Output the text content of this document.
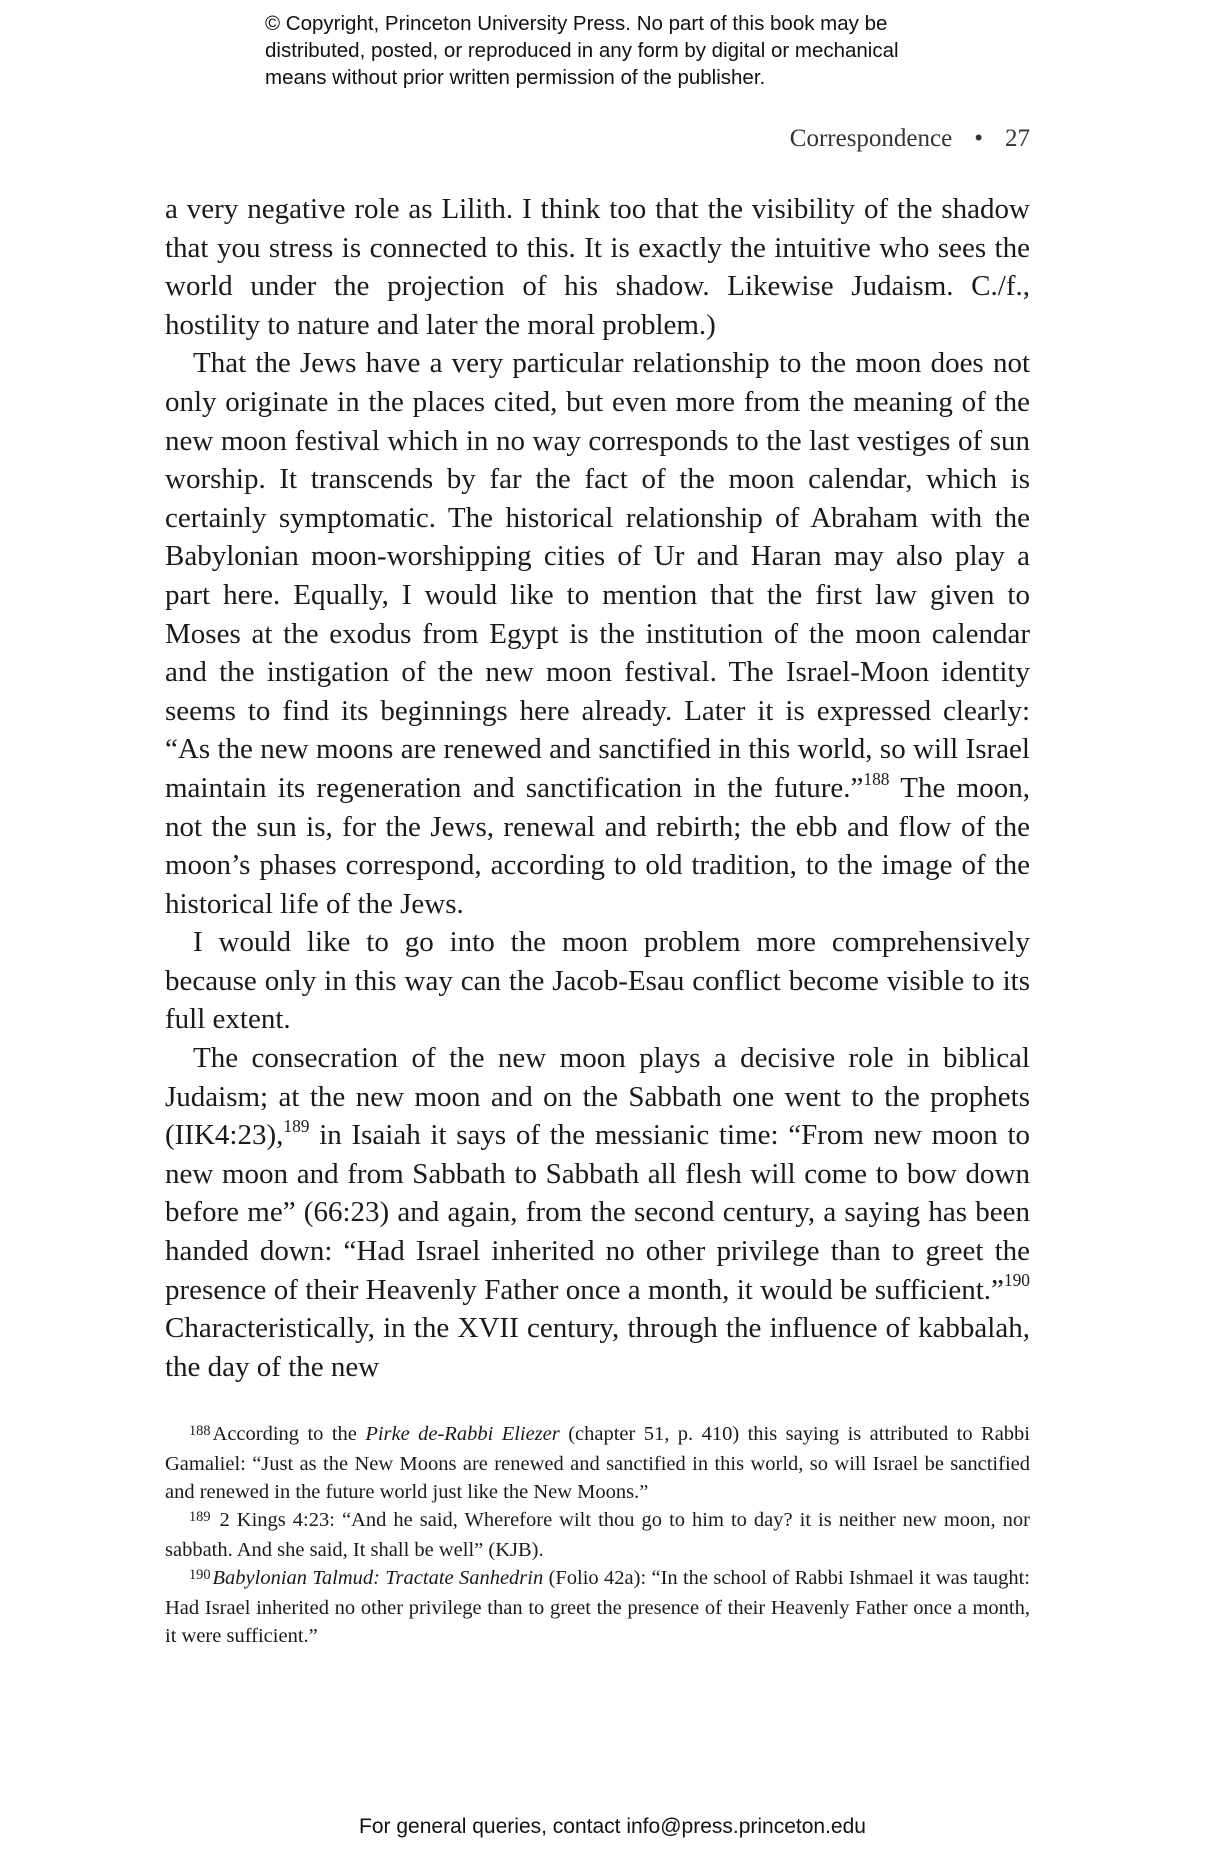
© Copyright, Princeton University Press. No part of this book may be
distributed, posted, or reproduced in any form by digital or mechanical
means without prior written permission of the publisher.
Correspondence • 27

a very negative role as Lilith. I think too that the visibility of the shadow that you stress is connected to this. It is exactly the intuitive who sees the world under the projection of his shadow. Likewise Judaism. C./f., hostility to nature and later the moral problem.)

That the Jews have a very particular relationship to the moon does not only originate in the places cited, but even more from the meaning of the new moon festival which in no way corresponds to the last vestiges of sun worship. It transcends by far the fact of the moon calendar, which is certainly symptomatic. The historical relationship of Abraham with the Babylonian moon-worshipping cities of Ur and Haran may also play a part here. Equally, I would like to mention that the first law given to Moses at the exodus from Egypt is the institution of the moon calendar and the instigation of the new moon festival. The Israel-Moon identity seems to find its beginnings here already. Later it is expressed clearly: “As the new moons are renewed and sanctified in this world, so will Israel maintain its regeneration and sanctification in the future.”$^{188}$ The moon, not the sun is, for the Jews, renewal and rebirth; the ebb and flow of the moon’s phases correspond, according to old tradition, to the image of the historical life of the Jews.

I would like to go into the moon problem more comprehensively because only in this way can the Jacob-Esau conflict become visible to its full extent.

The consecration of the new moon plays a decisive role in biblical Judaism; at the new moon and on the Sabbath one went to the prophets (IIK4:23),$^{189}$ in Isaiah it says of the messianic time: “From new moon to new moon and from Sabbath to Sabbath all flesh will come to bow down before me” (66:23) and again, from the second century, a saying has been handed down: “Had Israel inherited no other privilege than to greet the presence of their Heavenly Father once a month, it would be sufficient.”$^{190}$ Characteristically, in the XVII century, through the influence of kabbalah, the day of the new

$^{188}$According to the Pirke de-Rabbi Eliezer (chapter 51, p. 410) this saying is attributed to Rabbi Gamaliel: “Just as the New Moons are renewed and sanctified in this world, so will Israel be sanctified and renewed in the future world just like the New Moons.”

$^{189}$ 2 Kings 4:23: “And he said, Wherefore wilt thou go to him to day? it is neither new moon, nor sabbath. And she said, It shall be well” (KJB).

$^{190}$Babylonian Talmud: Tractate Sanhedrin (Folio 42a): “In the school of Rabbi Ishmael it was taught: Had Israel inherited no other privilege than to greet the presence of their Heavenly Father once a month, it were sufficient.”

For general queries, contact info@press.princeton.edu
